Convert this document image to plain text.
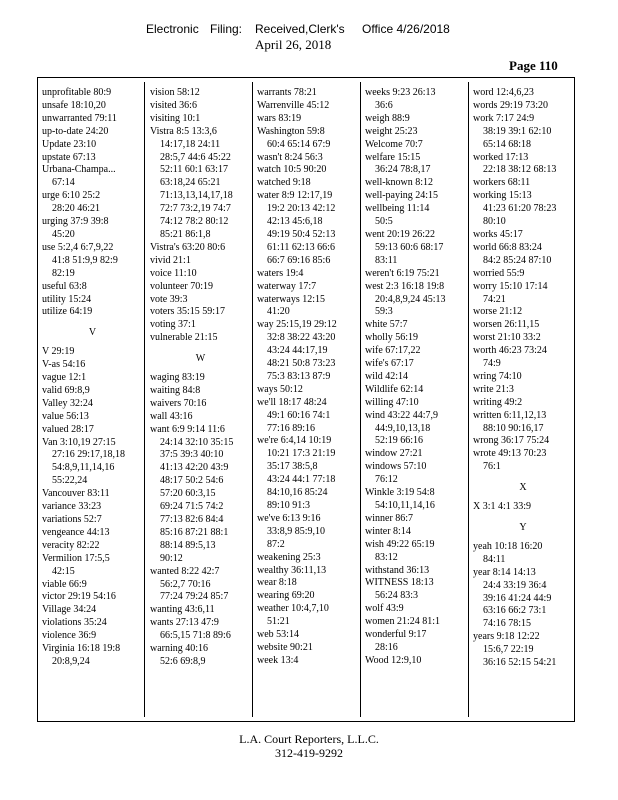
Electronic Filing: Received,Clerk's Office 4/26/2018
April 26, 2018
Page 110
unprofitable 80:9
unsafe 18:10,20
unwarranted 79:11
up-to-date 24:20
Update 23:10
upstate 67:13
Urbana-Champa...
67:14
urge 6:10 25:2
28:20 46:21
urging 37:9 39:8
45:20
use 5:2,4 6:7,9,22
41:8 51:9,9 82:9
82:19
useful 63:8
utility 15:24
utilize 64:19
V
V 29:19
V-as 54:16
vague 12:1
valid 69:8,9
Valley 32:24
value 56:13
valued 28:17
Van 3:10,19 27:15
27:16 29:17,18,18
54:8,9,11,14,16
55:22,24
Vancouver 83:11
variance 33:23
variations 52:7
vengeance 44:13
veracity 82:22
Vermilion 17:5,5
42:15
viable 66:9
victor 29:19 54:16
Village 34:24
violations 35:24
violence 36:9
Virginia 16:18 19:8
20:8,9,24
vision 58:12
visited 36:6
visiting 10:1
Vistra 8:5 13:3,6
14:17,18 24:11
28:5,7 44:6 45:22
52:11 60:1 63:17
63:18,24 65:21
71:13,13,14,17,18
72:7 73:2,19 74:7
74:12 78:2 80:12
85:21 86:1,8
Vistra's 63:20 80:6
vivid 21:1
voice 11:10
volunteer 70:19
vote 39:3
voters 35:15 59:17
voting 37:1
vulnerable 21:15
W
waging 83:19
waiting 84:8
waivers 70:16
wall 43:16
want 6:9 9:14 11:6
24:14 32:10 35:15
37:5 39:3 40:10
41:13 42:20 43:9
48:17 50:2 54:6
57:20 60:3,15
69:24 71:5 74:2
77:13 82:6 84:4
85:16 87:21 88:1
88:14 89:5,13
90:12
wanted 8:22 42:7
56:2,7 70:16
77:24 79:24 85:7
wanting 43:6,11
wants 27:13 47:9
66:5,15 71:8 89:6
warning 40:16
52:6 69:8,9
warrants 78:21
Warrenville 45:12
wars 83:19
Washington 59:8
60:4 65:14 67:9
wasn't 8:24 56:3
watch 10:5 90:20
watched 9:18
water 8:9 12:17,19
19:2 20:13 42:12
42:13 45:6,18
49:19 50:4 52:13
61:11 62:13 66:6
66:7 69:16 85:6
waters 19:4
waterway 17:7
waterways 12:15
41:20
way 25:15,19 29:12
32:8 38:22 43:20
43:24 44:17,19
48:21 50:8 73:23
75:3 83:13 87:9
ways 50:12
we'll 18:17 48:24
49:1 60:16 74:1
77:16 89:16
we're 6:4,14 10:19
10:21 17:3 21:19
35:17 38:5,8
43:24 44:1 77:18
84:10,16 85:24
89:10 91:3
we've 6:13 9:16
33:8,9 85:9,10
87:2
weakening 25:3
wealthy 36:11,13
wear 8:18
wearing 69:20
weather 10:4,7,10
51:21
web 53:14
website 90:21
week 13:4
weeks 9:23 26:13
36:6
weigh 88:9
weight 25:23
Welcome 70:7
welfare 15:15
36:24 78:8,17
well-known 8:12
well-paying 24:15
wellbeing 11:14
50:5
went 20:19 26:22
59:13 60:6 68:17
83:11
weren't 6:19 75:21
west 2:3 16:18 19:8
20:4,8,9,24 45:13
59:3
white 57:7
wholly 56:19
wife 67:17,22
wife's 67:17
wild 42:14
Wildlife 62:14
willing 47:10
wind 43:22 44:7,9
44:9,10,13,18
52:19 66:16
window 27:21
windows 57:10
76:12
Winkle 3:19 54:8
54:10,11,14,16
winner 86:7
winter 8:14
wish 49:22 65:19
83:12
withstand 36:13
WITNESS 18:13
56:24 83:3
wolf 43:9
women 21:24 81:1
wonderful 9:17
28:16
Wood 12:9,10
word 12:4,6,23
words 29:19 73:20
work 7:17 24:9
38:19 39:1 62:10
65:14 68:18
worked 17:13
22:18 38:12 68:13
workers 68:11
working 15:13
41:23 61:20 78:23
80:10
works 45:17
world 66:8 83:24
84:2 85:24 87:10
worried 55:9
worry 15:10 17:14
74:21
worse 21:12
worsen 26:11,15
worst 21:10 33:2
worth 46:23 73:24
74:9
wring 74:10
write 21:3
writing 49:2
written 6:11,12,13
88:10 90:16,17
wrong 36:17 75:24
wrote 49:13 70:23
76:1
X
X 3:1 4:1 33:9
Y
yeah 10:18 16:20
84:11
year 8:14 14:13
24:4 33:19 36:4
39:16 41:24 44:9
63:16 66:2 73:1
74:16 78:15
years 9:18 12:22
15:6,7 22:19
36:16 52:15 54:21
L.A. Court Reporters, L.L.C.
312-419-9292
